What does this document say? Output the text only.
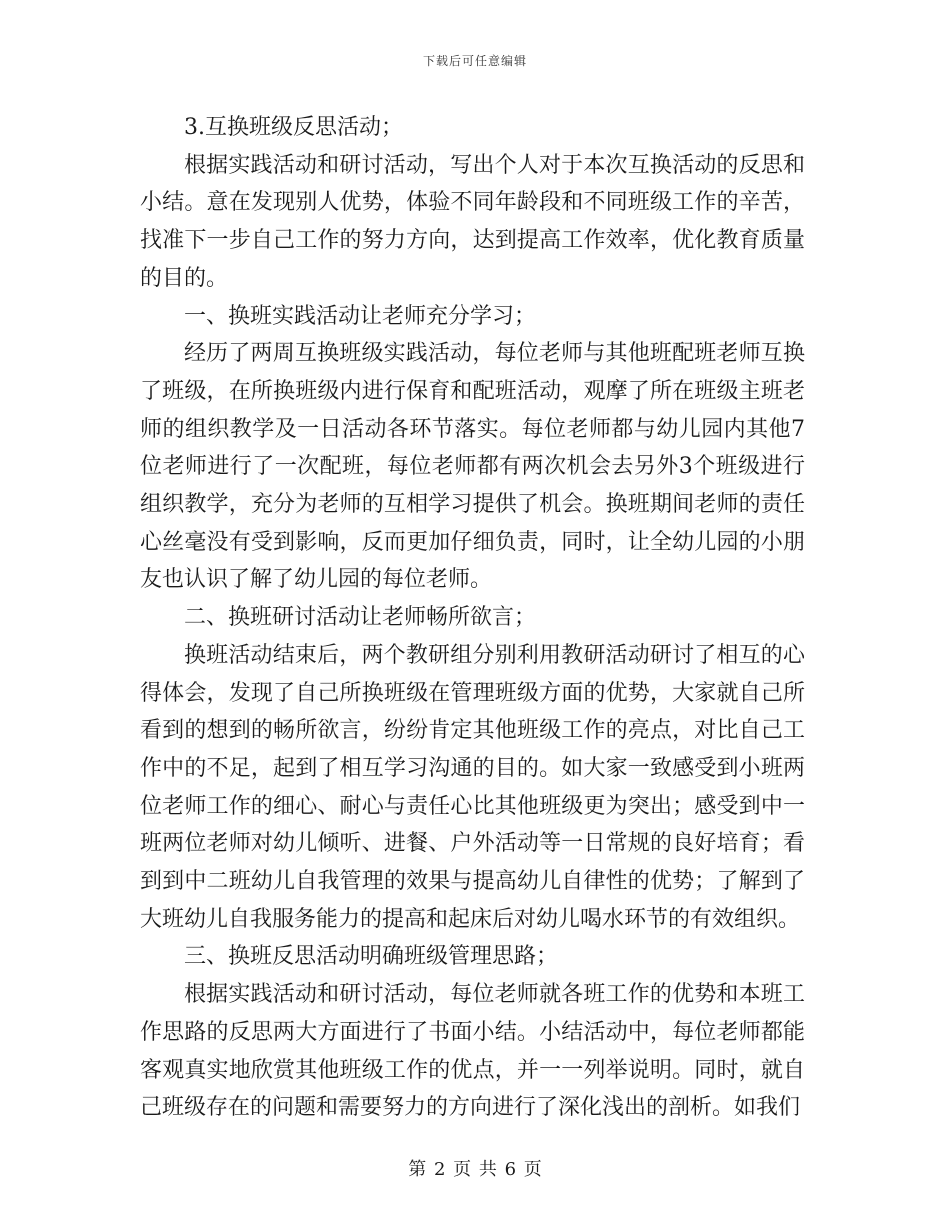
下载后可任意编辑

3.互换班级反思活动；

根据实践活动和研讨活动，写出个人对于本次互换活动的反思和小结。意在发现别人优势，体验不同年龄段和不同班级工作的辛苦，找准下一步自己工作的努力方向，达到提高工作效率，优化教育质量的目的。

一、换班实践活动让老师充分学习；

经历了两周互换班级实践活动，每位老师与其他班配班老师互换了班级，在所换班级内进行保育和配班活动，观摩了所在班级主班老师的组织教学及一日活动各环节落实。每位老师都与幼儿园内其他7位老师进行了一次配班，每位老师都有两次机会去另外3个班级进行组织教学，充分为老师的互相学习提供了机会。换班期间老师的责任心丝毫没有受到影响，反而更加仔细负责，同时，让全幼儿园的小朋友也认识了解了幼儿园的每位老师。

二、换班研讨活动让老师畅所欲言；

换班活动结束后，两个教研组分别利用教研活动研讨了相互的心得体会，发现了自己所换班级在管理班级方面的优势，大家就自己所看到的想到的畅所欲言，纷纷肯定其他班级工作的亮点，对比自己工作中的不足，起到了相互学习沟通的目的。如大家一致感受到小班两位老师工作的细心、耐心与责任心比其他班级更为突出；感受到中一班两位老师对幼儿倾听、进餐、户外活动等一日常规的良好培育；看到到中二班幼儿自我管理的效果与提高幼儿自律性的优势；了解到了大班幼儿自我服务能力的提高和起床后对幼儿喝水环节的有效组织。

三、换班反思活动明确班级管理思路；

根据实践活动和研讨活动，每位老师就各班工作的优势和本班工作思路的反思两大方面进行了书面小结。小结活动中，每位老师都能客观真实地欣赏其他班级工作的优点，并一一列举说明。同时，就自己班级存在的问题和需要努力的方向进行了深化浅出的剖析。如我们

第 2 页 共 6 页
